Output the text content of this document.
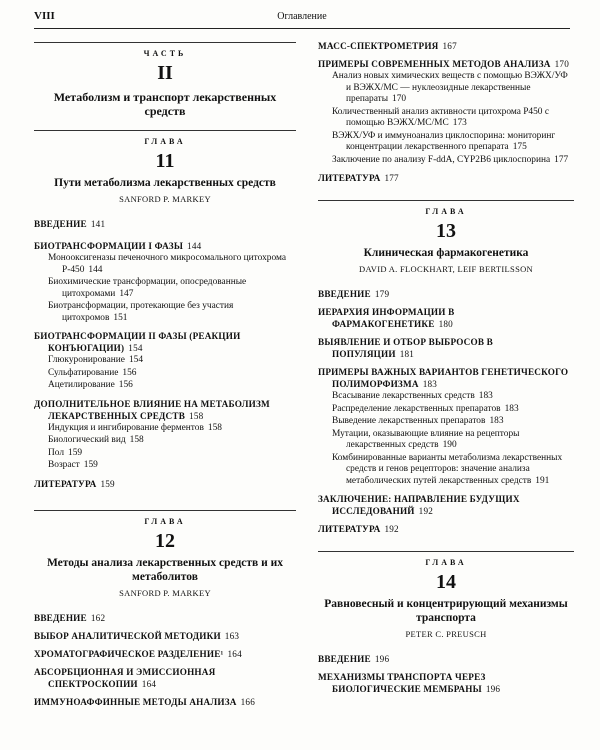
VIII	Оглавление
ЧАСТЬ
II
Метаболизм и транспорт лекарственных средств
ГЛАВА
11
Пути метаболизма лекарственных средств
SANFORD P. MARKEY
ВВЕДЕНИЕ 141
БИОТРАНСФОРМАЦИИ I ФАЗЫ 144
Монооксигеназы печеночного микросомального цитохрома Р-450 144
Биохимические трансформации, опосредованные цитохромами 147
Биотрансформации, протекающие без участия цитохромов 151
БИОТРАНСФОРМАЦИИ II ФАЗЫ (РЕАКЦИИ КОНЪЮГАЦИИ) 154
Глюкуронирование 154
Сульфатирование 156
Ацетилирование 156
ДОПОЛНИТЕЛЬНОЕ ВЛИЯНИЕ НА МЕТАБОЛИЗМ ЛЕКАРСТВЕННЫХ СРЕДСТВ 158
Индукция и ингибирование ферментов 158
Биологический вид 158
Пол 159
Возраст 159
ЛИТЕРАТУРА 159
ГЛАВА
12
Методы анализа лекарственных средств и их метаболитов
SANFORD P. MARKEY
ВВЕДЕНИЕ 162
ВЫБОР АНАЛИТИЧЕСКОЙ МЕТОДИКИ 163
ХРОМАТОГРАФИЧЕСКОЕ РАЗДЕЛЕНИЕ¹ 164
АБСОРБЦИОННАЯ И ЭМИССИОННАЯ СПЕКТРОСКОПИИ 164
ИММУНОАФФИННЫЕ МЕТОДЫ АНАЛИЗА 166
МАСС-СПЕКТРОМЕТРИЯ 167
ПРИМЕРЫ СОВРЕМЕННЫХ МЕТОДОВ АНАЛИЗА 170
Анализ новых химических веществ с помощью ВЭЖХ/УФ и ВЭЖХ/МС — нуклеозидные лекарственные препараты 170
Количественный анализ активности цитохрома Р450 с помощью ВЭЖХ/МС/МС 173
ВЭЖХ/УФ и иммуноанализ циклоспорина: мониторинг концентрации лекарственного препарата 175
Заключение по анализу F-ddA, CYP2B6 циклоспорина 177
ЛИТЕРАТУРА 177
ГЛАВА
13
Клиническая фармакогенетика
DAVID A. FLOCKHART, LEIF BERTILSSON
ВВЕДЕНИЕ 179
ИЕРАРХИЯ ИНФОРМАЦИИ В ФАРМАКОГЕНЕТИКЕ 180
ВЫЯВЛЕНИЕ И ОТБОР ВЫБРОСОВ В ПОПУЛЯЦИИ 181
ПРИМЕРЫ ВАЖНЫХ ВАРИАНТОВ ГЕНЕТИЧЕСКОГО ПОЛИМОРФИЗМА 183
Всасывание лекарственных средств 183
Распределение лекарственных препаратов 183
Выведение лекарственных препаратов 183
Мутации, оказывающие влияние на рецепторы лекарственных средств 190
Комбинированные варианты метаболизма лекарственных средств и генов рецепторов: значение анализа метаболических путей лекарственных средств 191
ЗАКЛЮЧЕНИЕ: НАПРАВЛЕНИЕ БУДУЩИХ ИССЛЕДОВАНИЙ 192
ЛИТЕРАТУРА 192
ГЛАВА
14
Равновесный и концентрирующий механизмы транспорта
PETER C. PREUSCH
ВВЕДЕНИЕ 196
МЕХАНИЗМЫ ТРАНСПОРТА ЧЕРЕЗ БИОЛОГИЧЕСКИЕ МЕМБРАНЫ 196
